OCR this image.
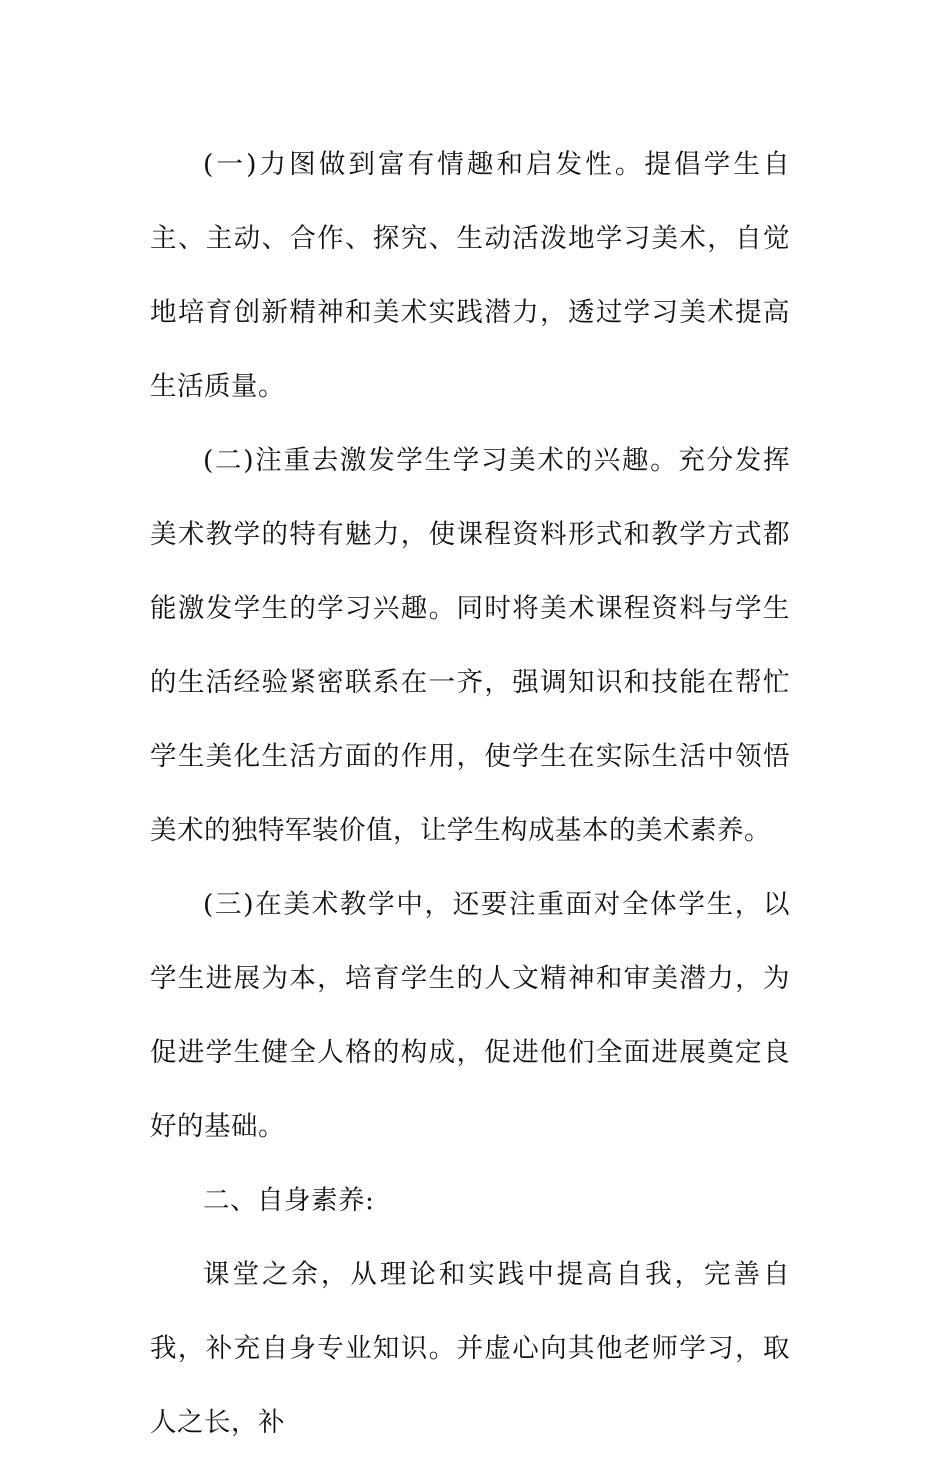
(一)力图做到富有情趣和启发性。提倡学生自主、主动、合作、探究、生动活泼地学习美术，自觉地培育创新精神和美术实践潜力，透过学习美术提高生活质量。

(二)注重去激发学生学习美术的兴趣。充分发挥美术教学的特有魅力，使课程资料形式和教学方式都能激发学生的学习兴趣。同时将美术课程资料与学生的生活经验紧密联系在一齐，强调知识和技能在帮忙学生美化生活方面的作用，使学生在实际生活中领悟美术的独特军装价值，让学生构成基本的美术素养。

(三)在美术教学中，还要注重面对全体学生，以学生进展为本，培育学生的人文精神和审美潜力，为促进学生健全人格的构成，促进他们全面进展奠定良好的基础。

二、自身素养:

课堂之余，从理论和实践中提高自我，完善自我，补充自身专业知识。并虚心向其他老师学习，取人之长，补
